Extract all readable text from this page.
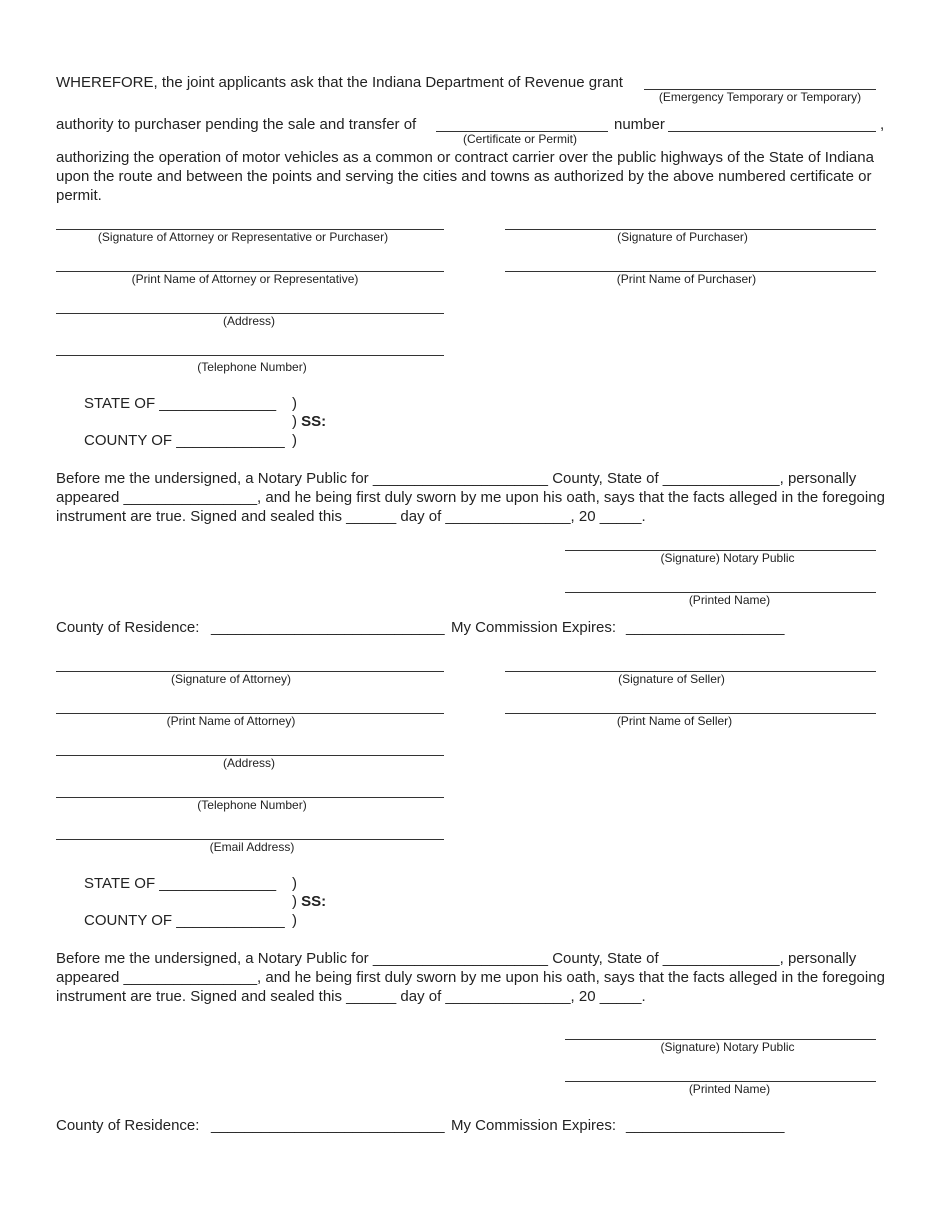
WHEREFORE, the joint applicants ask that the Indiana Department of Revenue grant
(Emergency Temporary or Temporary)
authority to purchaser pending the sale and transfer of
(Certificate or Permit)
number	,
authorizing the operation of motor vehicles as a common or contract carrier over the public highways of the State of Indiana upon the route and between the points and serving the cities and towns as authorized by the above numbered certificate or permit.
(Signature of Attorney or Representative or Purchaser)	(Signature of Purchaser)
(Print Name of Attorney or Representative)	(Print Name of Purchaser)
(Address)
(Telephone Number)
STATE OF ______________ )
) SS:
COUNTY OF _____________ )
Before me the undersigned, a Notary Public for _____________________ County, State of ______________, personally appeared ________________, and he being first duly sworn by me upon his oath, says that the facts alleged in the foregoing instrument are true. Signed and sealed this ______ day of _______________, 20 _____.
(Signature) Notary Public
(Printed Name)
County of Residence: ____________________________ My Commission Expires: ___________________
(Signature of Attorney)	(Signature of Seller)
(Print Name of Attorney)	(Print Name of Seller)
(Address)
(Telephone Number)
(Email Address)
STATE OF ______________ )
) SS:
COUNTY OF _____________ )
Before me the undersigned, a Notary Public for _____________________ County, State of ______________, personally appeared ________________, and he being first duly sworn by me upon his oath, says that the facts alleged in the foregoing instrument are true. Signed and sealed this ______ day of _______________, 20 _____.
(Signature) Notary Public
(Printed Name)
County of Residence: ____________________________ My Commission Expires: ___________________
